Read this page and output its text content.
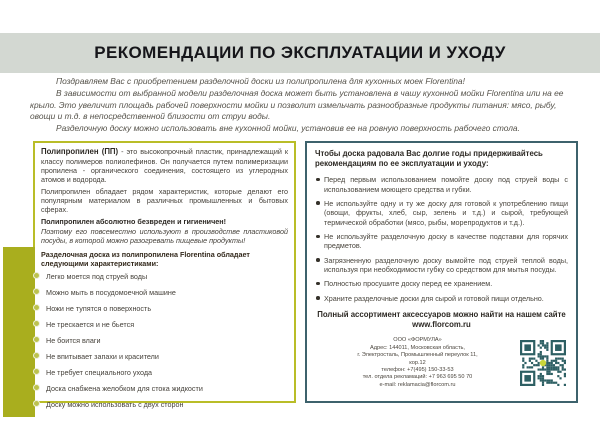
РЕКОМЕНДАЦИИ ПО ЭКСПЛУАТАЦИИ И УХОДУ

Поздравляем Вас с приобретением разделочной доски из полипропилена для кухонных моек Florentina!

В зависимости от выбранной модели разделочная доска может быть установлена в чашу кухонной мойки Florentina или на ее крыло. Это увеличит площадь рабочей поверхности мойки и позволит измельчать разнообразные продукты питания: мясо, рыбу, овощи и т.д. в непосредственной близости от струи воды.

Разделочную доску можно использовать вне кухонной мойки, установив ее на ровную поверхность рабочего стола.

Полипропилен (ПП) - это высокопрочный пластик, принадлежащий к классу полимеров полиолефинов. Он получается путем полимеризации пропилена - органического соединения, состоящего из углеродных атомов и водорода.

Полипропилен обладает рядом характеристик, которые делают его популярным материалом в различных промышленных и бытовых сферах.

Полипропилен абсолютно безвреден и гигиеничен!

Поэтому его повсеместно используют в производстве пластиковой посуды, в которой можно разогревать пищевые продукты!

Разделочная доска из полипропилена Florentina обладает следующими характеристиками:

Легко моется под струей воды
Можно мыть в посудомоечной машине
Ножи не тупятся о поверхность
Не трескается и не бьется
Не боится влаги
Не впитывает запахи и красители
Не требует специального ухода
Доска снабжена желобком для стока жидкости
Доску можно использовать с двух сторон

Чтобы доска радовала Вас долгие годы придерживайтесь рекомендациям по ее эксплуатации и уходу:

Перед первым использованием помойте доску под струей воды с использованием моющего средства и губки.
Не используйте одну и ту же доску для готовой к употреблению пищи (овощи, фрукты, хлеб, сыр, зелень и т.д.) и сырой, требующей термической обработки (мясо, рыбы, морепродуктов и т.д.).
Не используйте разделочную доску в качестве подставки для горячих предметов.
Загрязненную разделочную доску вымойте под струей теплой воды, используя при необходимости губку со средством для мытья посуды.
Полностью просушите доску перед ее хранением.
Храните разделочные доски для сырой и готовой пищи отдельно.

Полный ассортимент аксессуаров можно найти на нашем сайте www.florcom.ru

ООО «ФОРМУЛА»
Адрес: 144011, Московская область,
г. Электросталь, Промышленный переулок 11,
кор.12
телефон: +7(495) 150-33-53
тел. отдела рекламаций: +7 963 695 50 70
e-mail: reklamacia@florcom.ru
